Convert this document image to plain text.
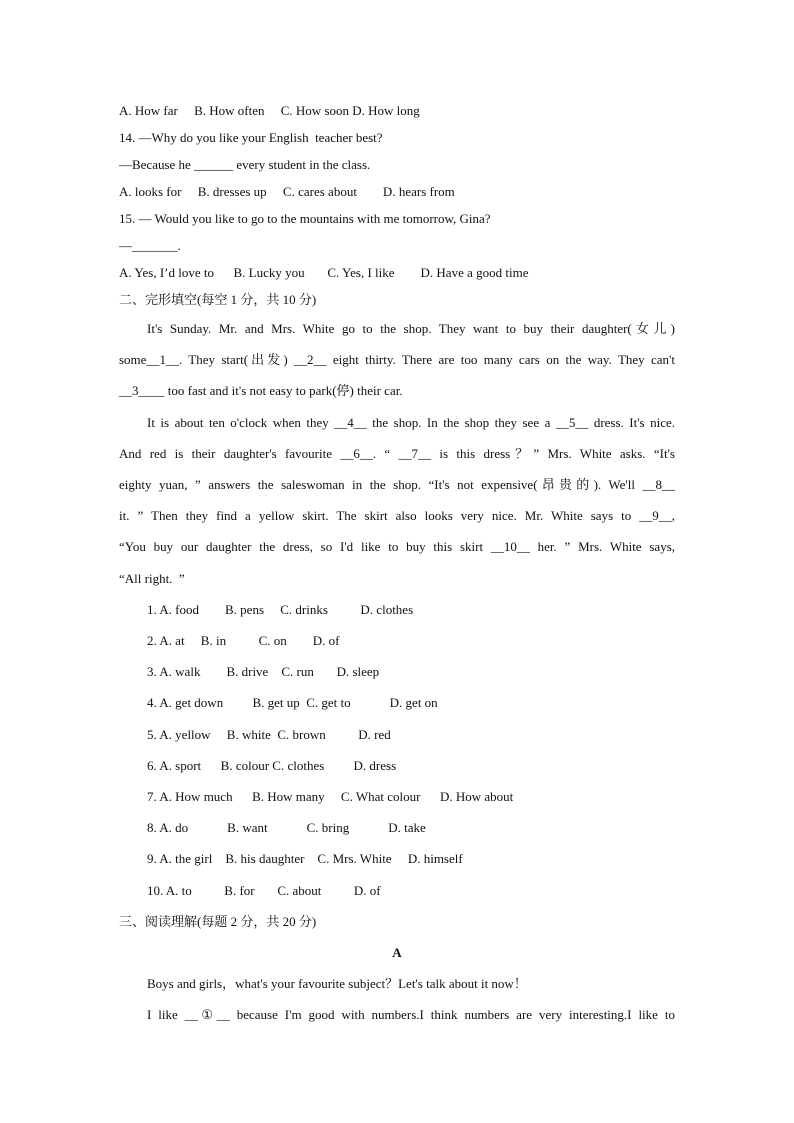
A. How far     B. How often     C. How soon D. How long
14. —Why do you like your English  teacher best?
—Because he ______ every student in the class.
A. looks for     B. dresses up     C. cares about        D. hears from
15. — Would you like to go to the mountains with me tomorrow, Gina?
—_______.
A. Yes, I’d love to      B. Lucky you       C. Yes, I like        D. Have a good time
二、完形填空(每空 1 分，共 10 分)
It's Sunday. Mr. and Mrs. White go to the shop. They want to buy their daughter(女儿)
some__1__. They start(出发) __2__ eight thirty. There are too many cars on the way. They can't
__3____ too fast and it's not easy to park(停) their car.
It is about ten o'clock when they __4__ the shop. In the shop they see a __5__ dress. It's nice.
And red is their daughter's favourite __6__. “ __7__ is this dress？” Mrs. White asks. “It's
eighty yuan, ” answers the saleswoman in the shop. “It's not expensive(昂贵的). We'll __8__
it. ” Then they find a yellow skirt. The skirt also looks very nice. Mr. White says to __9__,
“You buy our daughter the dress, so I'd like to buy this skirt __10__ her. ” Mrs. White says,
“All right.  ”
1. A. food        B. pens     C. drinks          D. clothes
2. A. at     B. in          C. on        D. of
3. A. walk        B. drive    C. run       D. sleep
4. A. get down         B. get up  C. get to            D. get on
5. A. yellow     B. white  C. brown          D. red
6. A. sport      B. colour C. clothes         D. dress
7. A. How much      B. How many     C. What colour      D. How about
8. A. do            B. want            C. bring            D. take
9. A. the girl    B. his daughter    C. Mrs. White     D. himself
10. A. to          B. for       C. about          D. of
三、阅读理解(每题 2 分，共 20 分)
A
Boys and girls，what's your favourite subject？Let's talk about it now！
I like __①__ because I'm good with numbers.I think numbers are very interesting.I like to
